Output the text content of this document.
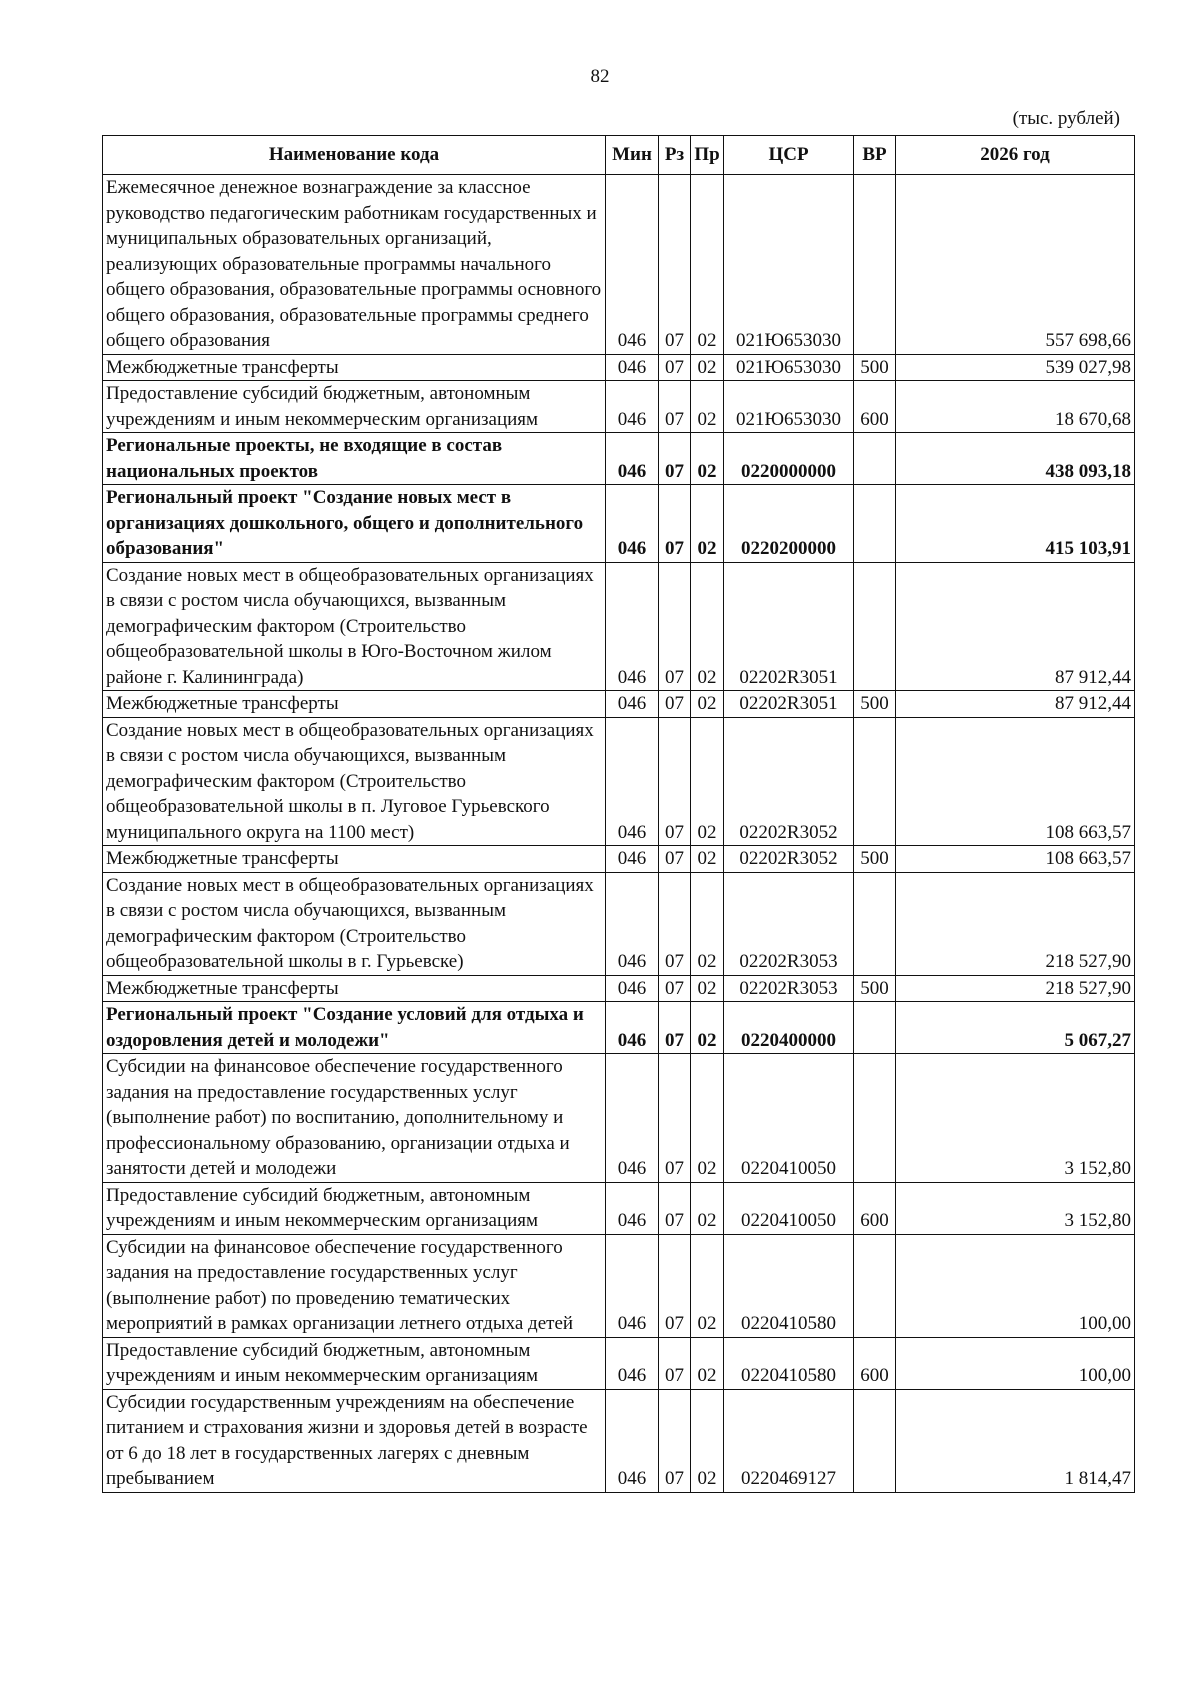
82
(тыс. рублей)
Наименование кода	Мин	Рз	Пр	ЦСР	ВР	2026 год
Ежемесячное денежное вознаграждение за классное руководство педагогическим работникам государственных и муниципальных образовательных организаций, реализующих образовательные программы начального общего образования, образовательные программы основного общего образования, образовательные программы среднего общего образования	046	07	02	021Ю653030		557 698,66
Межбюджетные трансферты	046	07	02	021Ю653030	500	539 027,98
Предоставление субсидий бюджетным, автономным учреждениям и иным некоммерческим организациям	046	07	02	021Ю653030	600	18 670,68
Региональные проекты, не входящие в состав национальных проектов	046	07	02	0220000000		438 093,18
Региональный проект "Создание новых мест в организациях дошкольного, общего и дополнительного образования"	046	07	02	0220200000		415 103,91
Создание новых мест в общеобразовательных организациях в связи с ростом числа обучающихся, вызванным демографическим фактором (Строительство общеобразовательной школы в Юго-Восточном жилом районе г. Калининграда)	046	07	02	02202R3051		87 912,44
Межбюджетные трансферты	046	07	02	02202R3051	500	87 912,44
Создание новых мест в общеобразовательных организациях в связи с ростом числа обучающихся, вызванным демографическим фактором (Строительство общеобразовательной школы в п. Луговое Гурьевского муниципального округа на 1100 мест)	046	07	02	02202R3052		108 663,57
Межбюджетные трансферты	046	07	02	02202R3052	500	108 663,57
Создание новых мест в общеобразовательных организациях в связи с ростом числа обучающихся, вызванным демографическим фактором (Строительство общеобразовательной школы в г. Гурьевске)	046	07	02	02202R3053		218 527,90
Межбюджетные трансферты	046	07	02	02202R3053	500	218 527,90
Региональный проект "Создание условий для отдыха и оздоровления детей и молодежи"	046	07	02	0220400000		5 067,27
Субсидии на финансовое обеспечение государственного задания на предоставление государственных услуг (выполнение работ) по воспитанию, дополнительному и профессиональному образованию, организации отдыха и занятости детей и молодежи	046	07	02	0220410050		3 152,80
Предоставление субсидий бюджетным, автономным учреждениям и иным некоммерческим организациям	046	07	02	0220410050	600	3 152,80
Субсидии на финансовое обеспечение государственного задания на предоставление государственных услуг (выполнение работ) по проведению тематических мероприятий в рамках организации летнего отдыха детей	046	07	02	0220410580		100,00
Предоставление субсидий бюджетным, автономным учреждениям и иным некоммерческим организациям	046	07	02	0220410580	600	100,00
Субсидии государственным учреждениям на обеспечение питанием и страхования жизни и здоровья детей в возрасте от 6 до 18 лет в государственных лагерях с дневным пребыванием	046	07	02	0220469127		1 814,47
